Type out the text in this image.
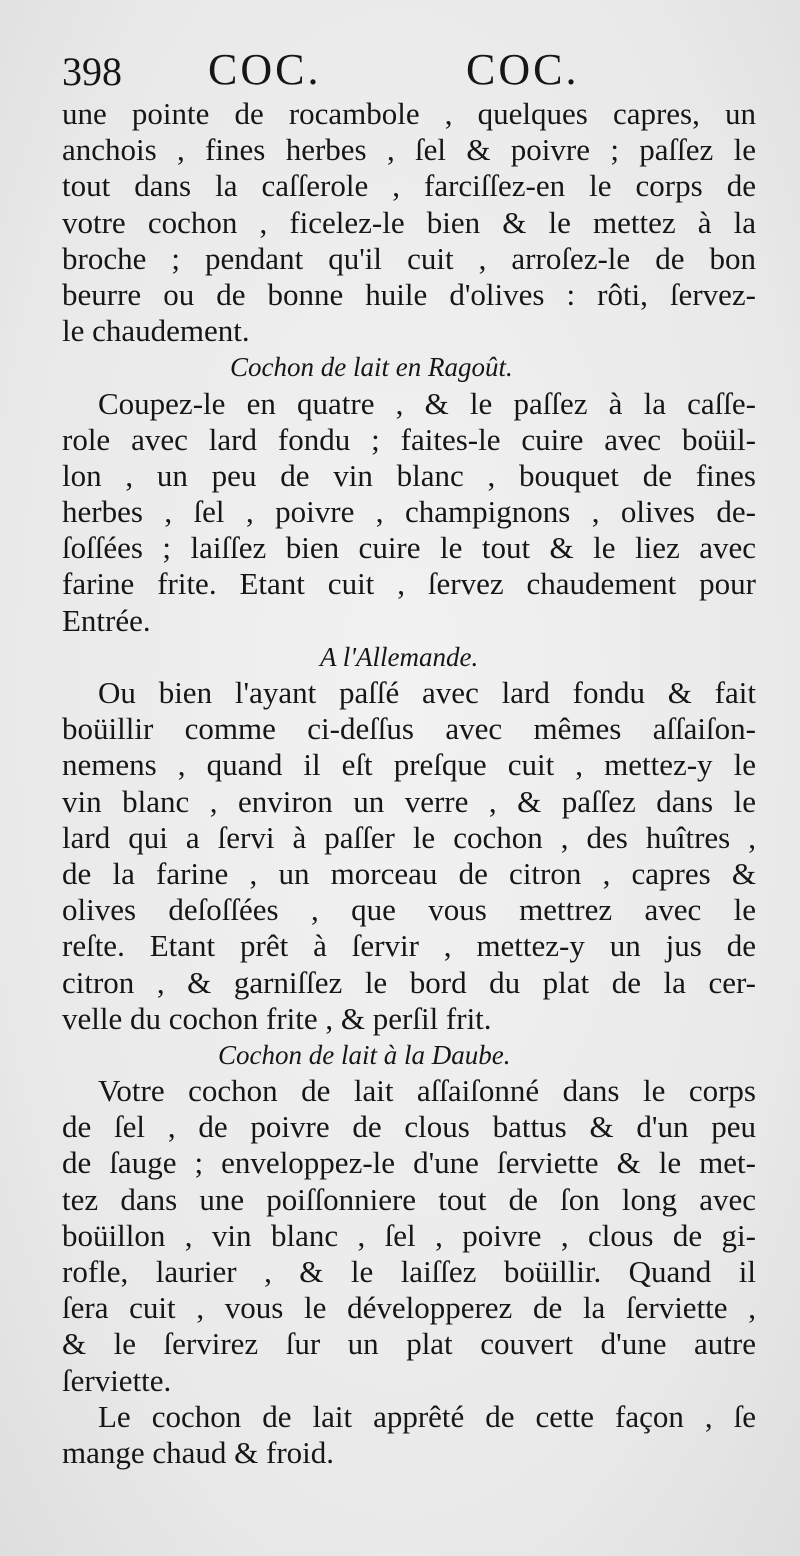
398 COC.	COC.
une pointe de rocambole , quelques capres, un
anchois , fines herbes , ſel & poivre ; paſſez le
tout dans la caſſerole , farciſſez-en le corps de
votre cochon , ficelez-le bien & le mettez à la
broche ; pendant qu'il cuit , arroſez-le de bon
beurre ou de bonne huile d'olives : rôti, ſervez-
le chaudement.
Cochon de lait en Ragoût.
Coupez-le en quatre , & le paſſez à la caſſe-
role avec lard fondu ; faites-le cuire avec boüil-
lon , un peu de vin blanc , bouquet de fines
herbes , ſel , poivre , champignons , olives de-
ſoſſées ; laiſſez bien cuire le tout & le liez avec
farine frite. Etant cuit , ſervez chaudement pour
Entrée.
A l'Allemande.
Ou bien l'ayant paſſé avec lard fondu & fait
boüillir comme ci-deſſus avec mêmes aſſaiſon-
nemens , quand il eſt preſque cuit , mettez-y le
vin blanc , environ un verre , & paſſez dans le
lard qui a ſervi à paſſer le cochon , des huîtres ,
de la farine , un morceau de citron , capres &
olives deſoſſées , que vous mettrez avec le
reſte. Etant prêt à ſervir , mettez-y un jus de
citron , & garniſſez le bord du plat de la cer-
velle du cochon frite , & perſil frit.
Cochon de lait à la Daube.
Votre cochon de lait aſſaiſonné dans le corps
de ſel , de poivre de clous battus & d'un peu
de ſauge ; enveloppez-le d'une ſerviette & le met-
tez dans une poiſſonniere tout de ſon long avec
boüillon , vin blanc , ſel , poivre , clous de gi-
rofle, laurier , & le laiſſez boüillir. Quand il
ſera cuit , vous le développerez de la ſerviette ,
& le ſervirez ſur un plat couvert d'une autre
ſerviette.
Le cochon de lait apprêté de cette façon , ſe
mange chaud & froid.
